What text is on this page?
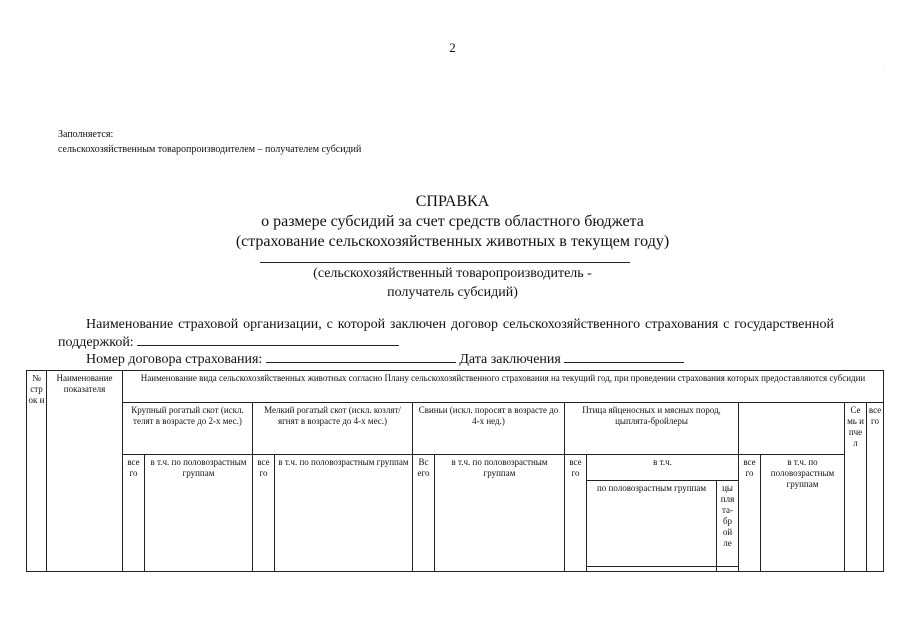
2
Заполняется:
сельскохозяйственным товаропроизводителем – получателем субсидий
СПРАВКА
о размере субсидий за счет средств областного бюджета
(страхование сельскохозяйственных животных в текущем году)
(сельскохозяйственный товаропроизводитель -
получатель субсидий)
Наименование страховой организации, с которой заключен договор сельскохозяйственного страхования с государственной поддержкой:
Номер договора страхования:	Дата заключения
№ стр ок и	Наименование показателя	Наименование вида сельскохозяйственных животных согласно Плану сельскохозяйственного страхования на текущий год, при проведении страхования которых предоставляются субсидии												
		Крупный рогатый скот (искл. телят в возрасте до 2-х мес.)		Мелкий рогатый скот (искл. козлят/ягнят в возрасте до 4-х мес.)		Свиньи (искл. поросят в возрасте до 4-х нед.)		Птица яйценосных и мясных пород, цыплята-бройлеры					Се мь и пче л	все го
		все го	в т.ч. по половозрастным группам	все го	в т.ч. по половозрастным группам	Вс его	в т.ч. по половозрастным группам	все го	в т.ч.		все го	в т.ч. по половозрастным группам		
									по половозрастным группам	цы пля та- бр ой ле				

·
